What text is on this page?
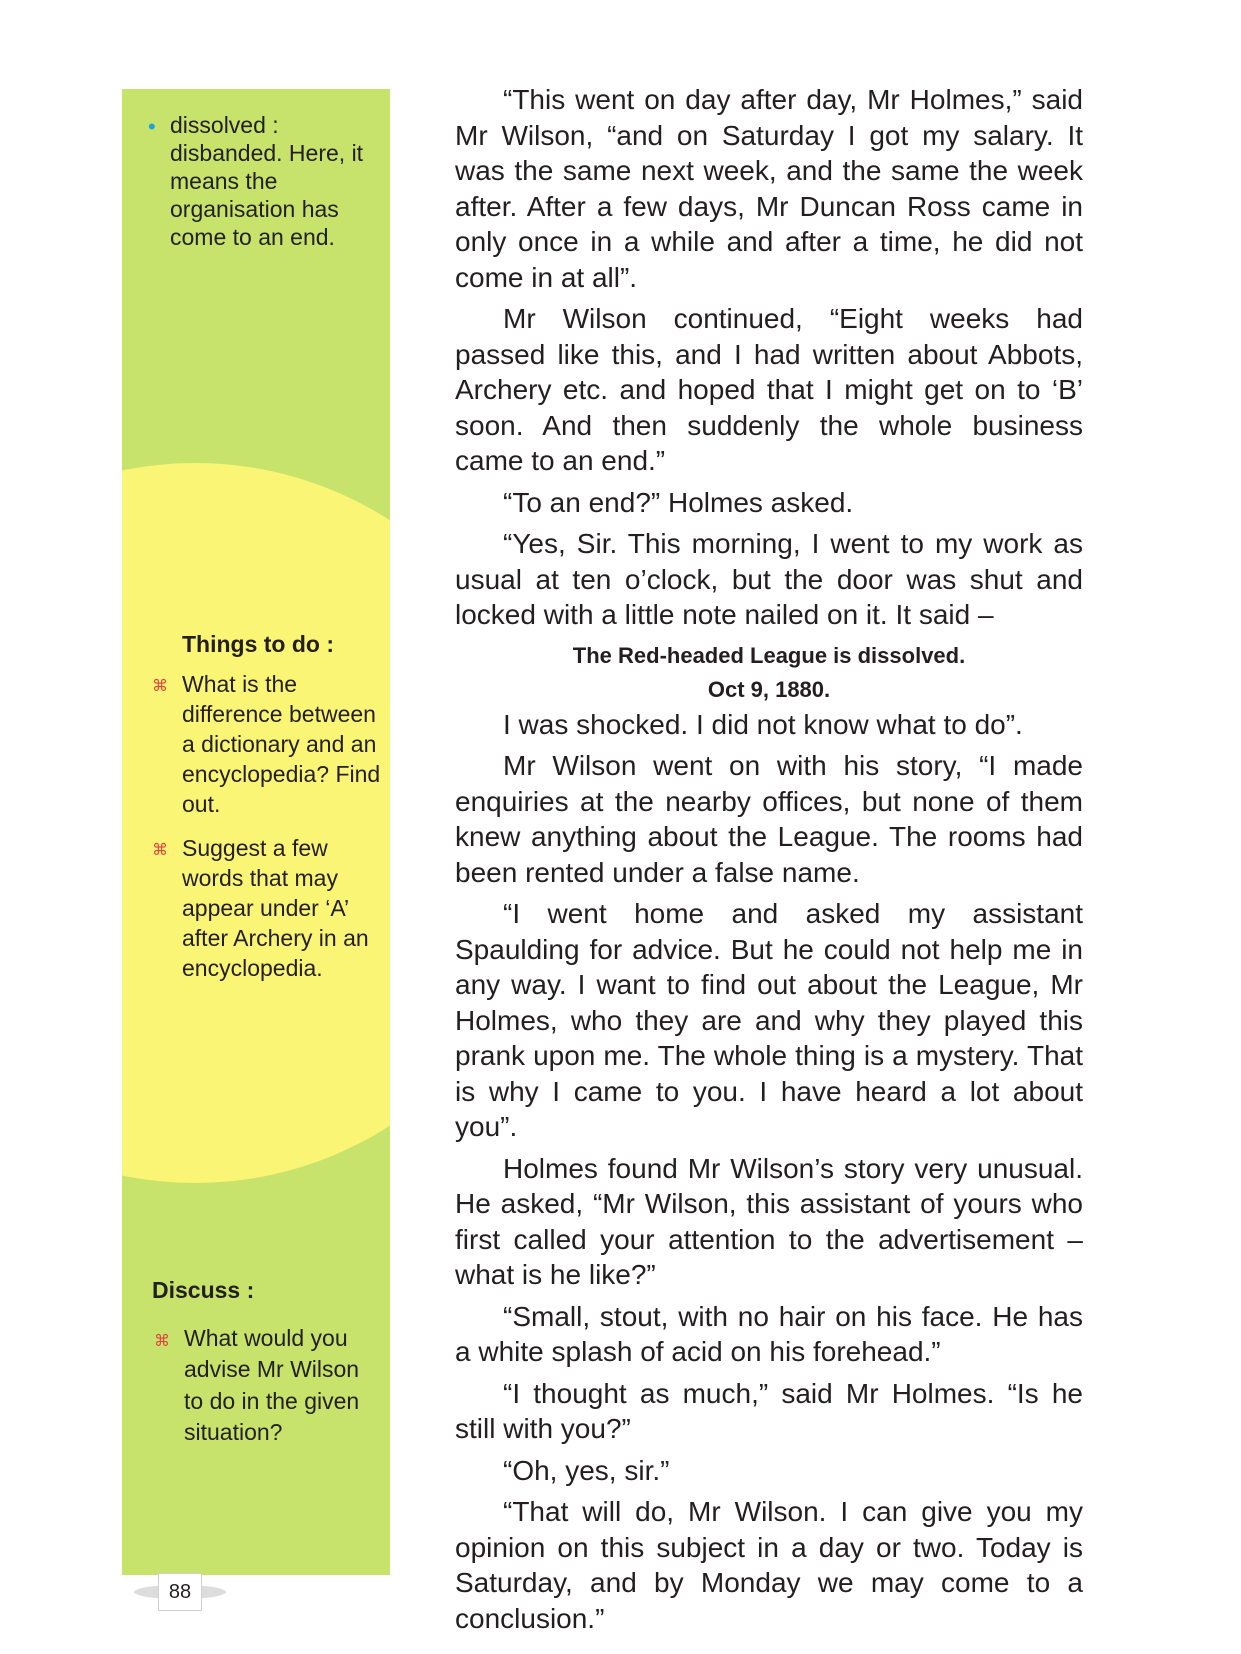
• dissolved : disbanded. Here, it means the organisation has come to an end.
Things to do :
⌘ What is the difference between a dictionary and an encyclopedia? Find out.
⌘ Suggest a few words that may appear under ‘A’ after Archery in an encyclopedia.
Discuss :
⌘ What would you advise Mr Wilson to do in the given situation?
88

“This went on day after day, Mr Holmes,” said Mr Wilson, “and on Saturday I got my salary. It was the same next week, and the same the week after. After a few days, Mr Duncan Ross came in only once in a while and after a time, he did not come in at all”.

Mr Wilson continued, “Eight weeks had passed like this, and I had written about Abbots, Archery etc. and hoped that I might get on to ‘B’ soon. And then suddenly the whole business came to an end.”

“To an end?” Holmes asked.

“Yes, Sir. This morning, I went to my work as usual at ten o’clock, but the door was shut and locked with a little note nailed on it. It said –

The Red-headed League is dissolved.
Oct 9, 1880.

I was shocked. I did not know what to do”.

Mr Wilson went on with his story, “I made enquiries at the nearby offices, but none of them knew anything about the League. The rooms had been rented under a false name.

“I went home and asked my assistant Spaulding for advice. But he could not help me in any way. I want to find out about the League, Mr Holmes, who they are and why they played this prank upon me. The whole thing is a mystery. That is why I came to you. I have heard a lot about you”.

Holmes found Mr Wilson’s story very unusual. He asked, “Mr Wilson, this assistant of yours who first called your attention to the advertisement – what is he like?”

“Small, stout, with no hair on his face. He has a white splash of acid on his forehead.”

“I thought as much,” said Mr Holmes. “Is he still with you?”

“Oh, yes, sir.”

“That will do, Mr Wilson. I can give you my opinion on this subject in a day or two. Today is Saturday, and by Monday we may come to a conclusion.”
